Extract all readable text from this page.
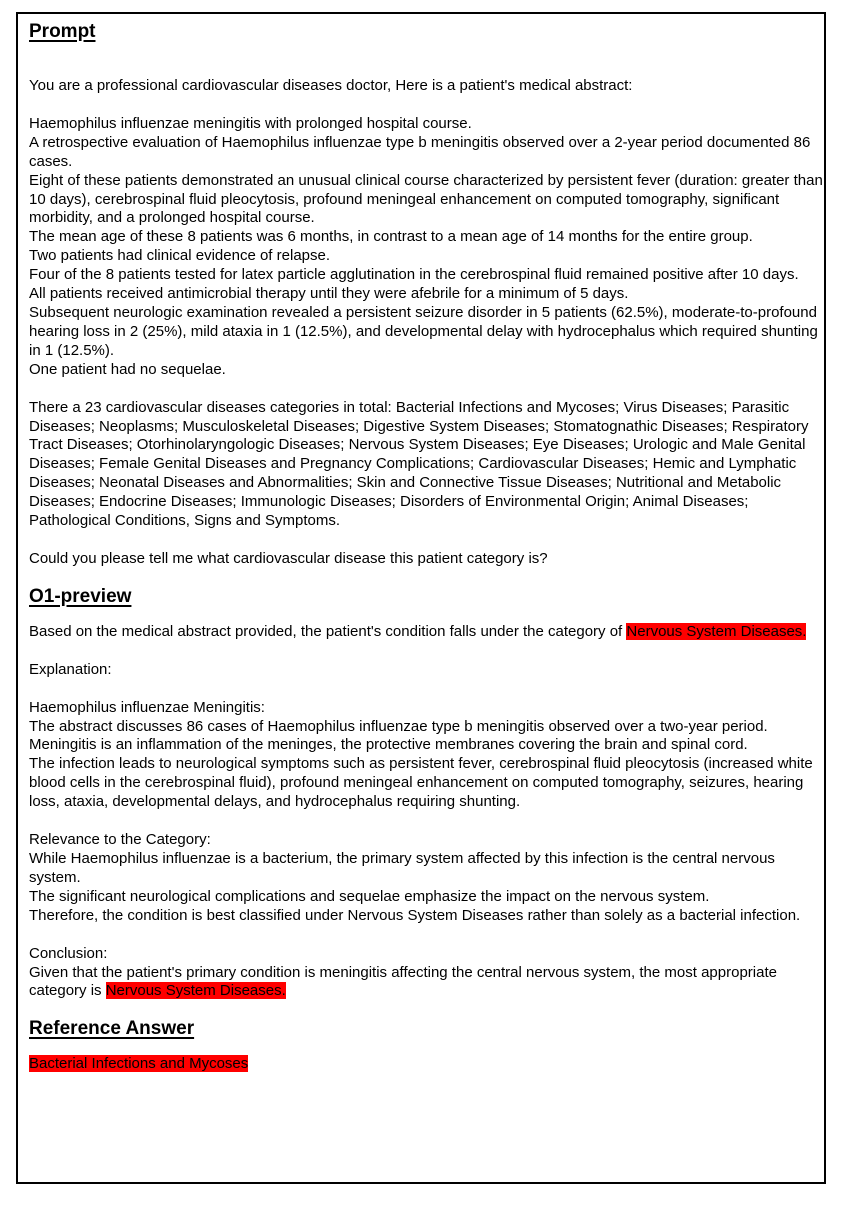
Prompt

You are a professional cardiovascular diseases doctor, Here is a patient's medical abstract:

Haemophilus influenzae meningitis with prolonged hospital course.

A retrospective evaluation of Haemophilus influenzae type b meningitis observed over a 2-year period documented 86 cases.

Eight of these patients demonstrated an unusual clinical course characterized by persistent fever (duration: greater than 10 days), cerebrospinal fluid pleocytosis, profound meningeal enhancement on computed tomography, significant morbidity, and a prolonged hospital course.

The mean age of these 8 patients was 6 months, in contrast to a mean age of 14 months for the entire group.

Two patients had clinical evidence of relapse.

Four of the 8 patients tested for latex particle agglutination in the cerebrospinal fluid remained positive after 10 days.

All patients received antimicrobial therapy until they were afebrile for a minimum of 5 days.

Subsequent neurologic examination revealed a persistent seizure disorder in 5 patients (62.5%), moderate-to-profound hearing loss in 2 (25%), mild ataxia in 1 (12.5%), and developmental delay with hydrocephalus which required shunting in 1 (12.5%).

One patient had no sequelae.

There a 23 cardiovascular diseases categories in total: Bacterial Infections and Mycoses; Virus Diseases; Parasitic Diseases; Neoplasms; Musculoskeletal Diseases; Digestive System Diseases; Stomatognathic Diseases; Respiratory Tract Diseases; Otorhinolaryngologic Diseases; Nervous System Diseases; Eye Diseases; Urologic and Male Genital Diseases; Female Genital Diseases and Pregnancy Complications; Cardiovascular Diseases; Hemic and Lymphatic Diseases; Neonatal Diseases and Abnormalities; Skin and Connective Tissue Diseases; Nutritional and Metabolic Diseases; Endocrine Diseases; Immunologic Diseases; Disorders of Environmental Origin; Animal Diseases; Pathological Conditions, Signs and Symptoms.

Could you please tell me what cardiovascular disease this patient category is?

O1-preview

Based on the medical abstract provided, the patient's condition falls under the category of Nervous System Diseases.

Explanation:

Haemophilus influenzae Meningitis:

The abstract discusses 86 cases of Haemophilus influenzae type b meningitis observed over a two-year period.

Meningitis is an inflammation of the meninges, the protective membranes covering the brain and spinal cord.

The infection leads to neurological symptoms such as persistent fever, cerebrospinal fluid pleocytosis (increased white blood cells in the cerebrospinal fluid), profound meningeal enhancement on computed tomography, seizures, hearing loss, ataxia, developmental delays, and hydrocephalus requiring shunting.

Relevance to the Category:

While Haemophilus influenzae is a bacterium, the primary system affected by this infection is the central nervous system.

The significant neurological complications and sequelae emphasize the impact on the nervous system.

Therefore, the condition is best classified under Nervous System Diseases rather than solely as a bacterial infection.

Conclusion:

Given that the patient's primary condition is meningitis affecting the central nervous system, the most appropriate category is Nervous System Diseases.

Reference Answer

Bacterial Infections and Mycoses
